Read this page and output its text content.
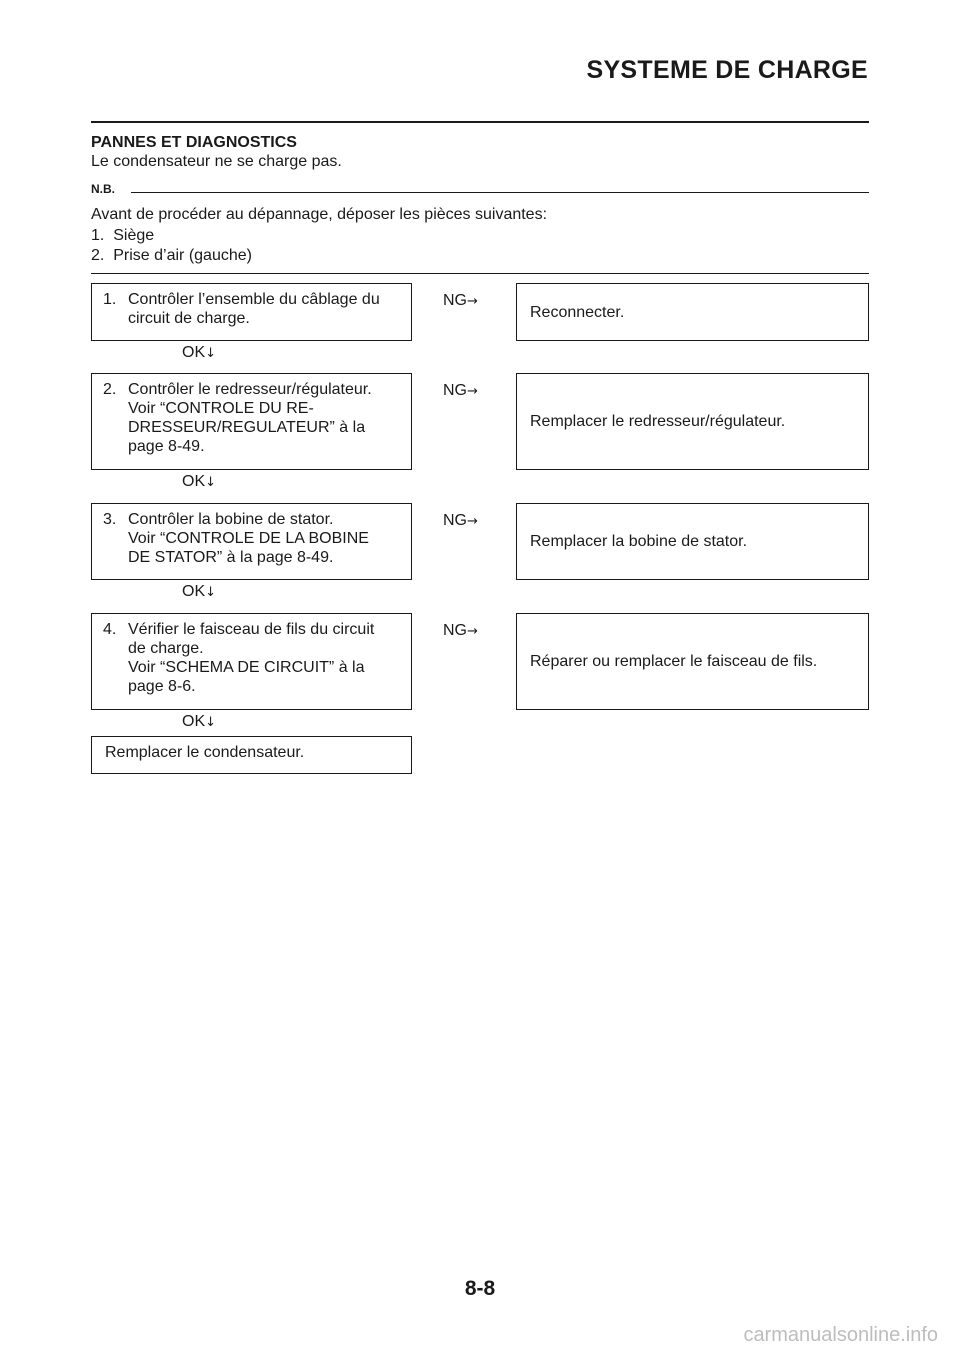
SYSTEME DE CHARGE
PANNES ET DIAGNOSTICS
Le condensateur ne se charge pas.
N.B.
Avant de procéder au dépannage, déposer les pièces suivantes:
1. Siège
2. Prise d’air (gauche)
1. Contrôler l’ensemble du câblage du
circuit de charge.
NG→
Reconnecter.
OK↓
2. Contrôler le redresseur/régulateur.
Voir “CONTROLE DU RE-
DRESSEUR/REGULATEUR” à la
page 8-49.
NG→
Remplacer le redresseur/régulateur.
OK↓
3. Contrôler la bobine de stator.
Voir “CONTROLE DE LA BOBINE
DE STATOR” à la page 8-49.
NG→
Remplacer la bobine de stator.
OK↓
4. Vérifier le faisceau de fils du circuit
de charge.
Voir “SCHEMA DE CIRCUIT” à la
page 8-6.
NG→
Réparer ou remplacer le faisceau de fils.
OK↓
Remplacer le condensateur.
8-8
carmanualsonline.info
